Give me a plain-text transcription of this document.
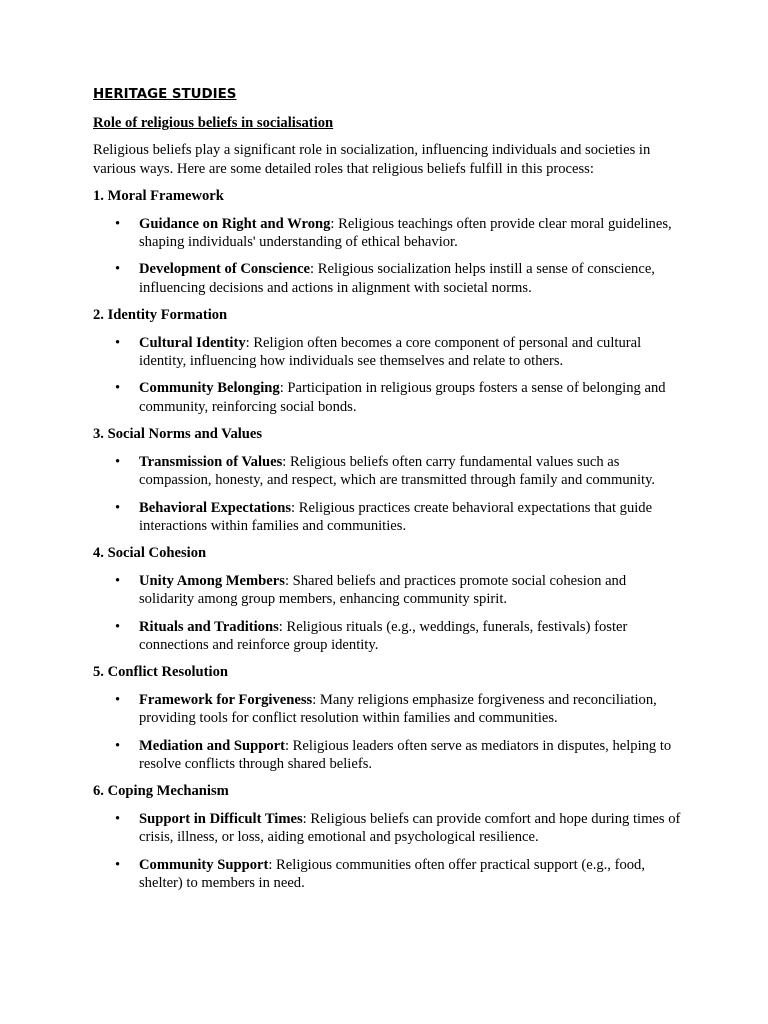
HERITAGE STUDIES

Role of religious beliefs in socialisation

Religious beliefs play a significant role in socialization, influencing individuals and societies in various ways. Here are some detailed roles that religious beliefs fulfill in this process:

1. Moral Framework

• Guidance on Right and Wrong: Religious teachings often provide clear moral guidelines, shaping individuals' understanding of ethical behavior.
• Development of Conscience: Religious socialization helps instill a sense of conscience, influencing decisions and actions in alignment with societal norms.

2. Identity Formation

• Cultural Identity: Religion often becomes a core component of personal and cultural identity, influencing how individuals see themselves and relate to others.
• Community Belonging: Participation in religious groups fosters a sense of belonging and community, reinforcing social bonds.

3. Social Norms and Values

• Transmission of Values: Religious beliefs often carry fundamental values such as compassion, honesty, and respect, which are transmitted through family and community.
• Behavioral Expectations: Religious practices create behavioral expectations that guide interactions within families and communities.

4. Social Cohesion

• Unity Among Members: Shared beliefs and practices promote social cohesion and solidarity among group members, enhancing community spirit.
• Rituals and Traditions: Religious rituals (e.g., weddings, funerals, festivals) foster connections and reinforce group identity.

5. Conflict Resolution

• Framework for Forgiveness: Many religions emphasize forgiveness and reconciliation, providing tools for conflict resolution within families and communities.
• Mediation and Support: Religious leaders often serve as mediators in disputes, helping to resolve conflicts through shared beliefs.

6. Coping Mechanism

• Support in Difficult Times: Religious beliefs can provide comfort and hope during times of crisis, illness, or loss, aiding emotional and psychological resilience.
• Community Support: Religious communities often offer practical support (e.g., food, shelter) to members in need.
